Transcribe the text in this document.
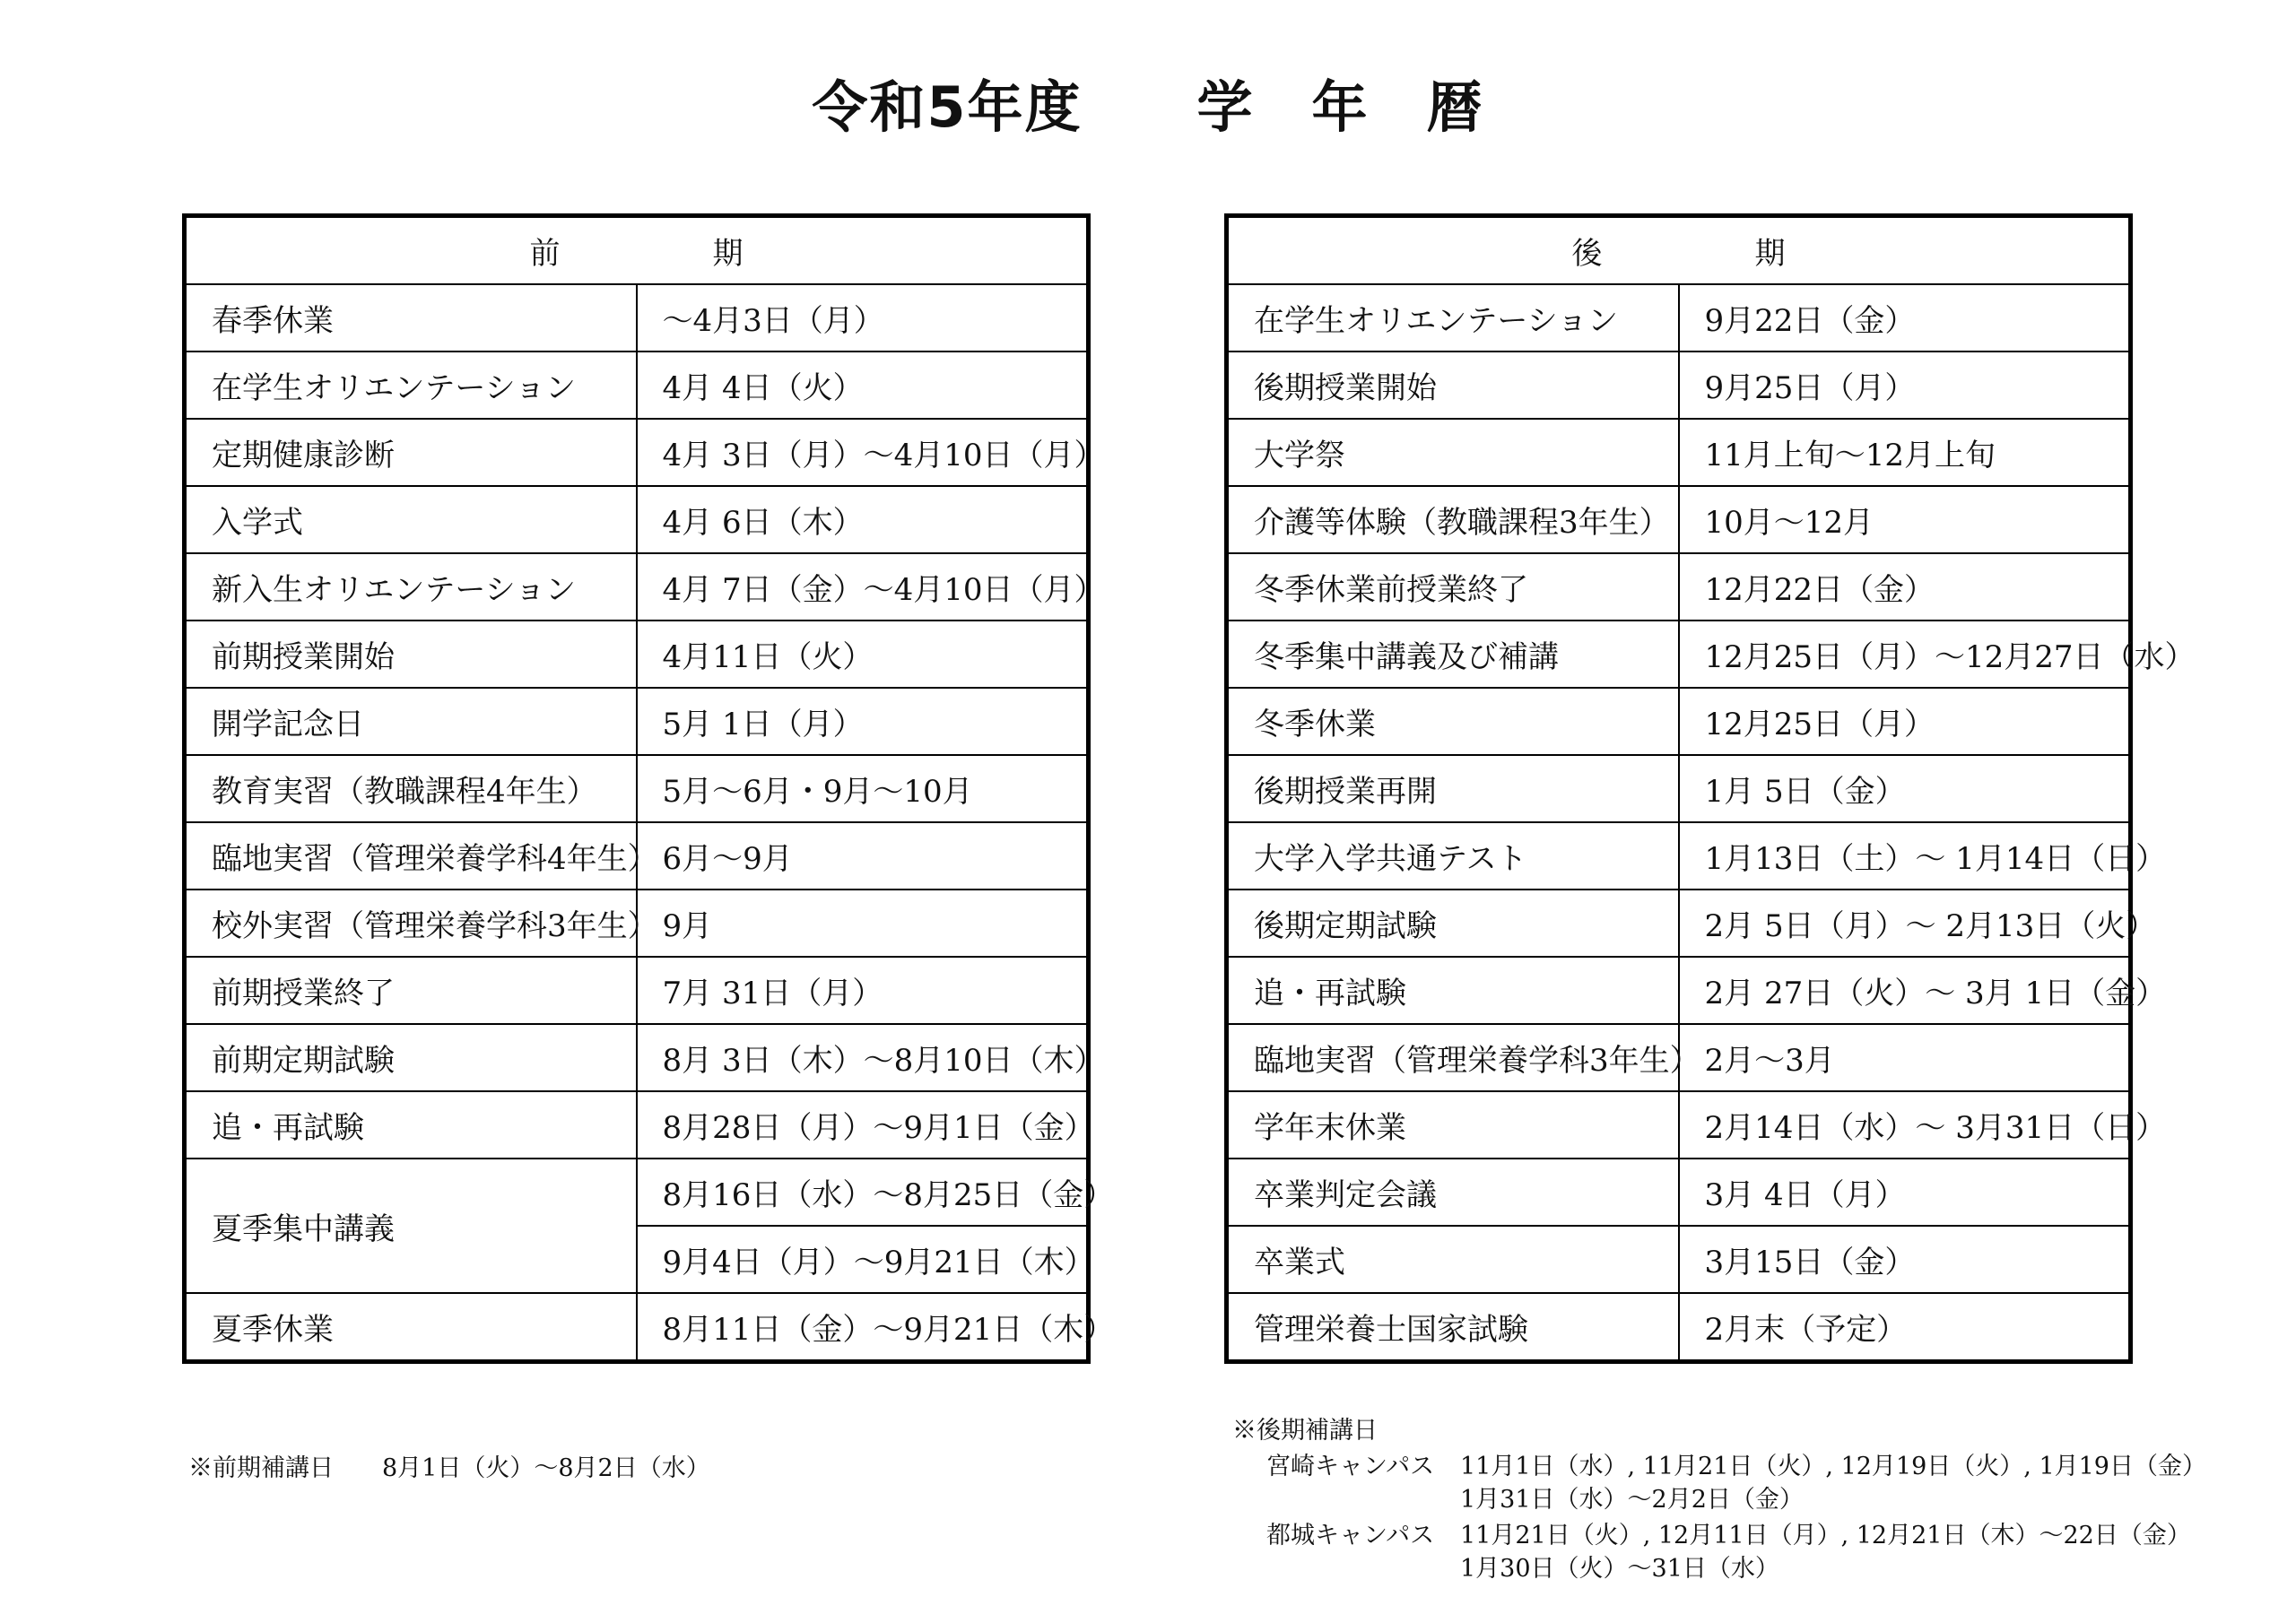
令和5年度　　学　年　暦
前　　　　　期	
春季休業	～4月3日（月）
在学生オリエンテーション	4月 4日（火）
定期健康診断	4月 3日（月）～4月10日（月）
入学式	4月 6日（木）
新入生オリエンテーション	4月 7日（金）～4月10日（月）
前期授業開始	4月11日（火）
開学記念日	5月 1日（月）
教育実習（教職課程4年生）	5月～6月・9月～10月
臨地実習（管理栄養学科4年生）	6月～9月
校外実習（管理栄養学科3年生）	9月
前期授業終了	7月 31日（月）
前期定期試験	8月 3日（木）～8月10日（木）
追・再試験	8月28日（月）～9月1日（金）
夏季集中講義	8月16日（水）～8月25日（金）
	9月4日（月）～9月21日（木）
夏季休業	8月11日（金）～9月21日（木）
後　　　　　期	
在学生オリエンテーション	9月22日（金）
後期授業開始	9月25日（月）
大学祭	11月上旬～12月上旬
介護等体験（教職課程3年生）	10月～12月
冬季休業前授業終了	12月22日（金）
冬季集中講義及び補講	12月25日（月）～12月27日（水）
冬季休業	12月25日（月）
後期授業再開	1月 5日（金）
大学入学共通テスト	1月13日（土）～ 1月14日（日）
後期定期試験	2月 5日（月）～ 2月13日（火）
追・再試験	2月 27日（火）～ 3月 1日（金）
臨地実習（管理栄養学科3年生）	2月～3月
学年末休業	2月14日（水）～ 3月31日（日）
卒業判定会議	3月 4日（月）
卒業式	3月15日（金）
管理栄養士国家試験	2月末（予定）
※前期補講日　　8月1日（火）～8月2日（水）
※後期補講日
宮崎キャンパス 11月1日（水）, 11月21日（火）, 12月19日（火）, 1月19日（金）
1月31日（水）～2月2日（金）
都城キャンパス 11月21日（火）, 12月11日（月）, 12月21日（木）～22日（金）
1月30日（火）～31日（水）
